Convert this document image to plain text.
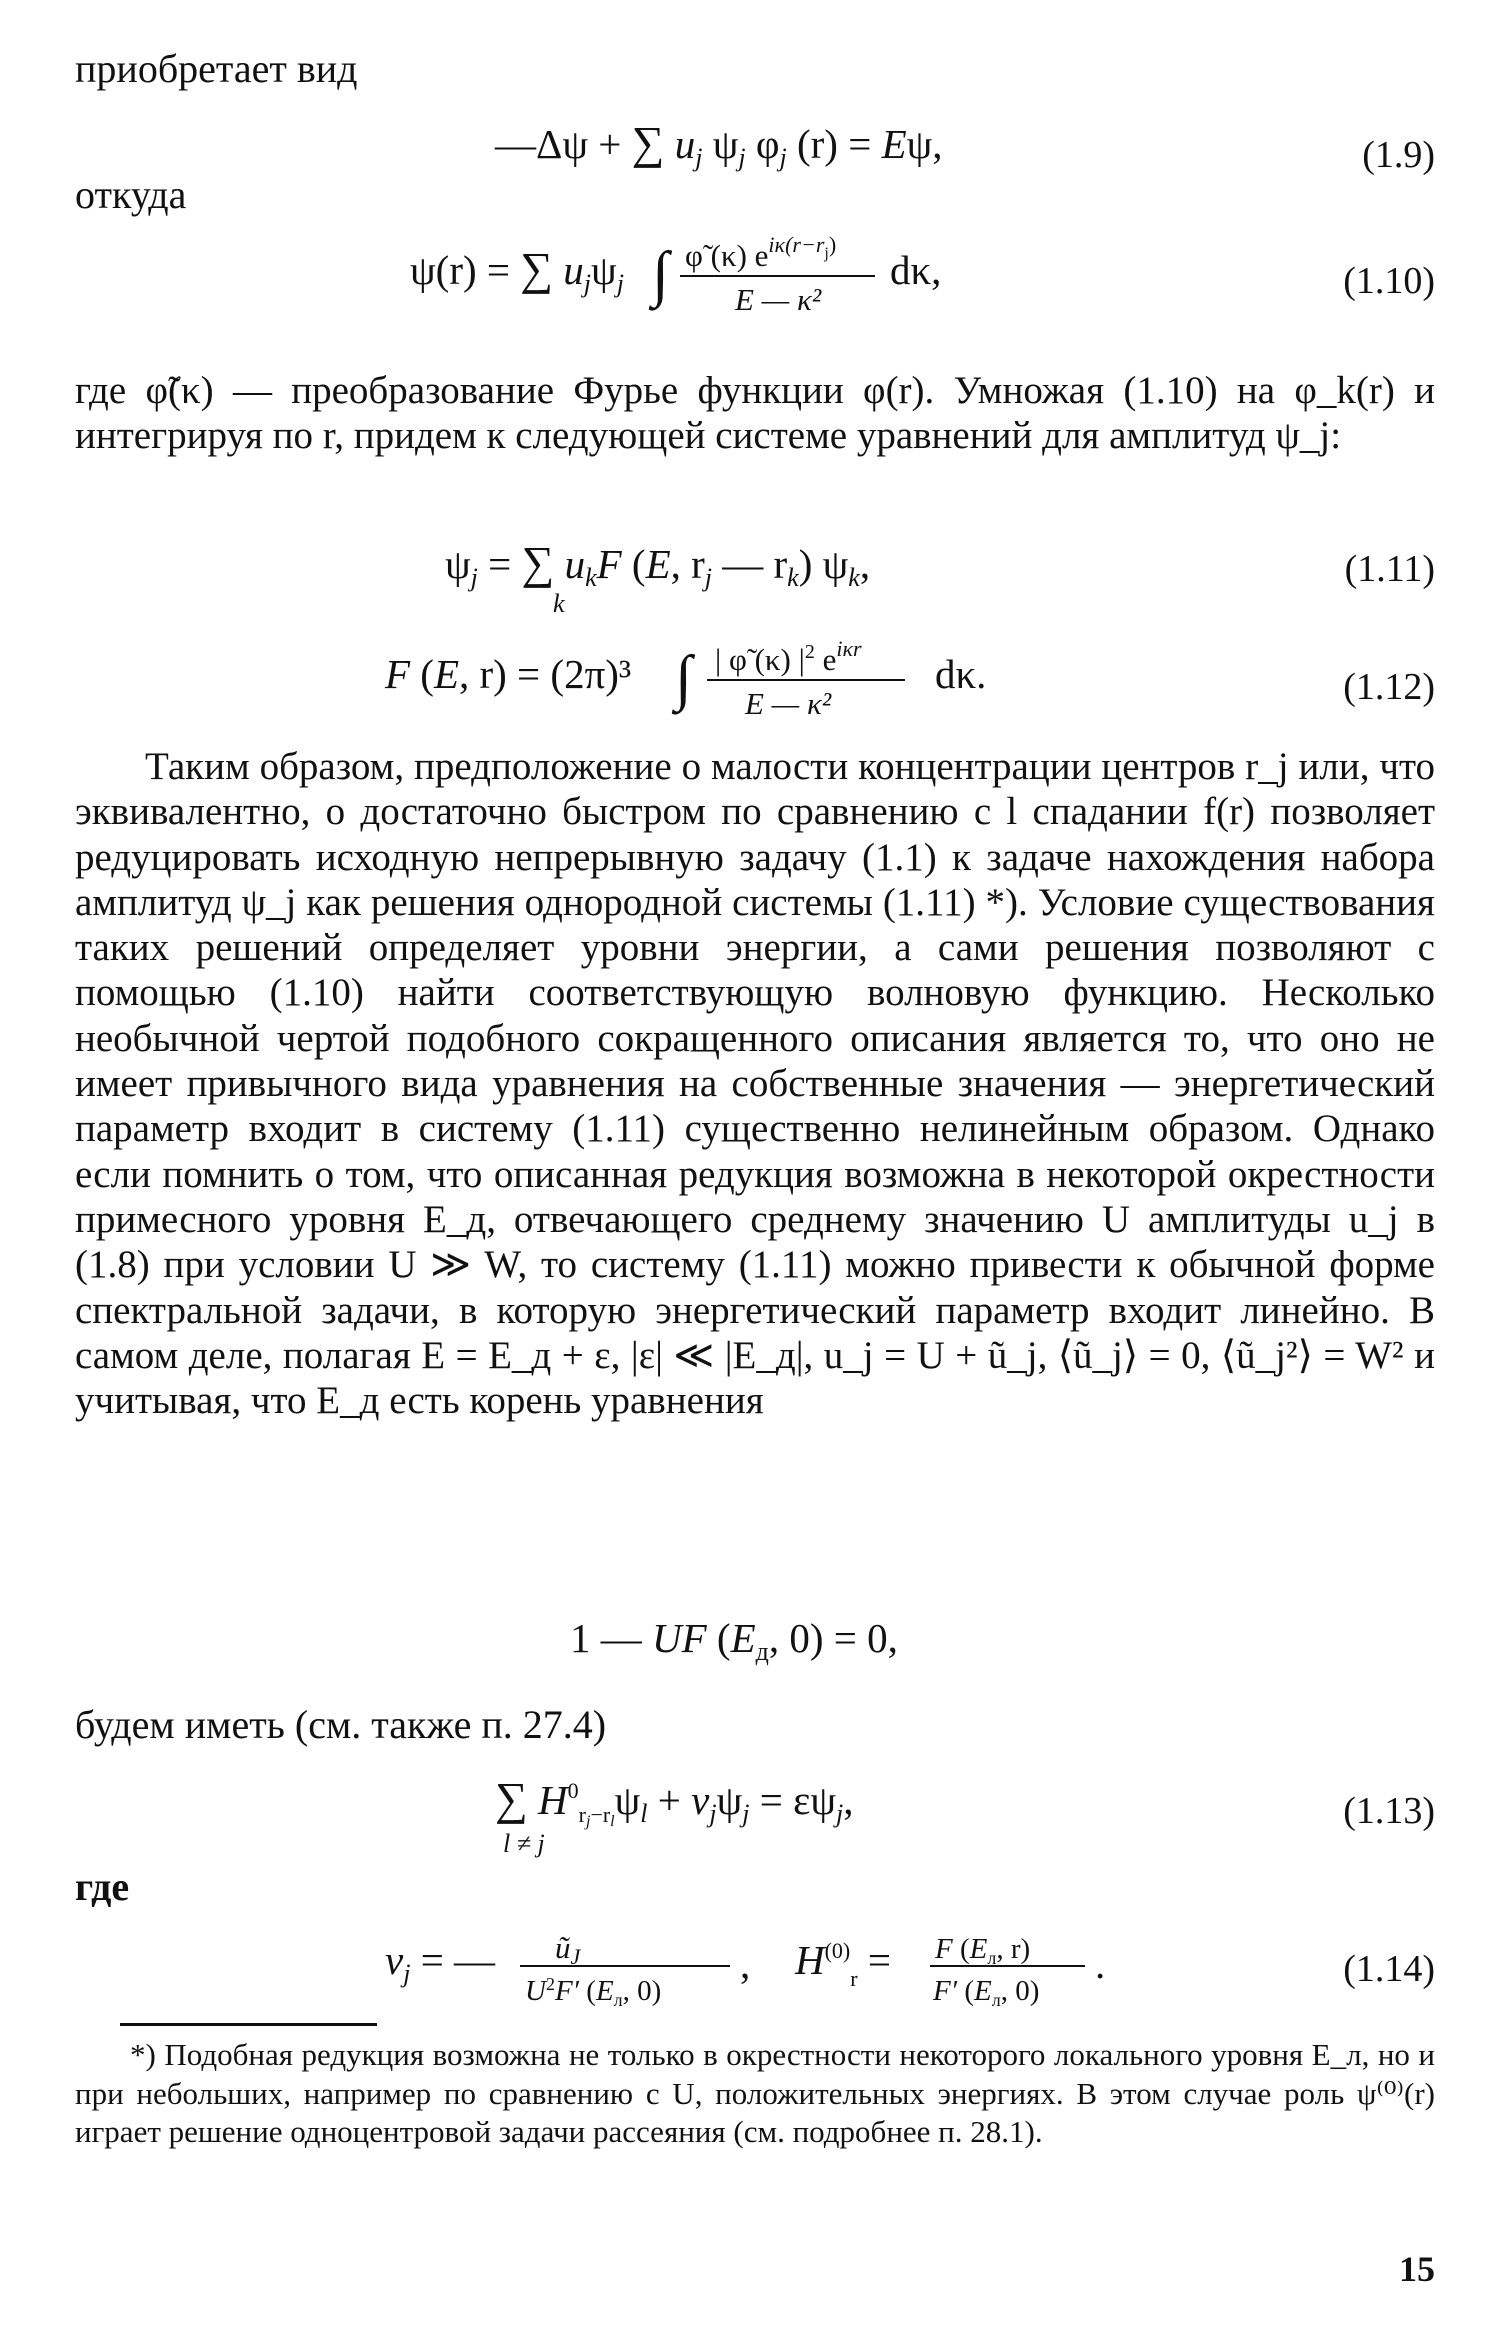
приобретает вид
—Δψ + ∑ uj ψj φj (r) = Eψ,	(1.9)
откуда
ψ(r) = ∑ ujψj ∫ φ̃ (κ) $e^{i\kappa(r-r}j$)
E — κ²
dκ,	(1.10)
где φ̃(κ) — преобразование Фурье функции φ(r). Умножая (1.10) на φ_k(r) и интегрируя по r, придем к следующей системе уравнений для амплитуд ψ_j:
ψj = ∑ ukF (E, rj — rk) ψk,
k
(1.11)
F (E, r) = (2π)³ ∫ | φ̃ (κ) $|^2$ $e^{i\kappa r}$
E — κ²
dκ.	(1.12)
Таким образом, предположение о малости концентрации центров r_j или, что эквивалентно, о достаточно быстром по сравнению с l спадании f(r) позволяет редуцировать исходную непрерывную задачу (1.1) к задаче нахождения набора амплитуд ψ_j как решения однородной системы (1.11) *). Условие существования таких решений определяет уровни энергии, а сами решения позволяют с помощью (1.10) найти соответствующую волновую функцию. Несколько необычной чертой подобного сокращенного описания является то, что оно не имеет привычного вида уравнения на собственные значения — энергетический параметр входит в систему (1.11) существенно нелинейным образом. Однако если помнить о том, что описанная редукция возможна в некоторой окрестности примесного уровня E_д, отвечающего среднему значению U амплитуды u_j в (1.8) при условии U ≫ W, то систему (1.11) можно привести к обычной форме спектральной задачи, в которую энергетический параметр входит линейно. В самом деле, полагая E = E_д + ε, |ε| ≪ |E_д|, u_j = U + ũ_j, ⟨ũ_j⟩ = 0, ⟨ũ_j²⟩ = W² и учитывая, что E_д есть корень уравнения
1 — UF (Eд, 0) = 0,
будем иметь (см. также п. 27.4)
∑ $H^0_rj-rl\psi l + vj\psi j = \varepsilon\psi j$,
l ≠ j
(1.13)
где
vj = — ũJ
$U^2F'$ ($E_л$, 0)
, $H^{(0)}_r = F$ ($E_л$, r)
F′ ($E_л$, 0)
.	(1.14)
*) Подобная редукция возможна не только в окрестности некоторого локального уровня E_л, но и при небольших, например по сравнению с U, положительных энергиях. В этом случае роль ψ⁽⁰⁾(r) играет решение одноцентровой задачи рассеяния (см. подробнее п. 28.1).
15
